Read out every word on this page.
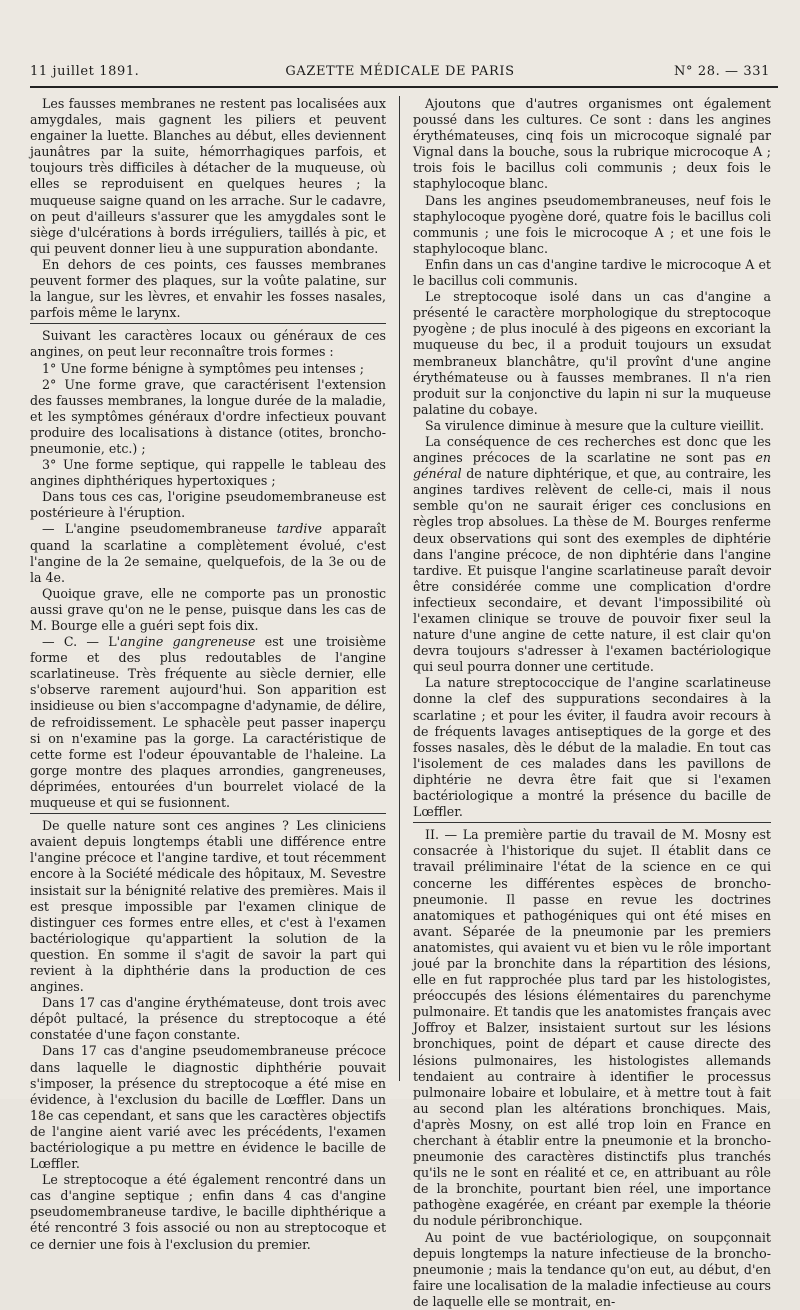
11 juillet 1891.	GAZETTE MÉDICALE DE PARIS	N° 28. — 331

Les fausses membranes ne restent pas localisées aux amygdales, mais gagnent les piliers et peuvent engainer la luette. Blanches au début, elles deviennent jaunâtres par la suite, hémorrhagiques parfois, et toujours très difficiles à détacher de la muqueuse, où elles se reproduisent en quelques heures ; la muqueuse saigne quand on les arrache. Sur le cadavre, on peut d'ailleurs s'assurer que les amygdales sont le siège d'ulcérations à bords irréguliers, taillés à pic, et qui peuvent donner lieu à une suppuration abondante.

En dehors de ces points, ces fausses membranes peuvent former des plaques, sur la voûte palatine, sur la langue, sur les lèvres, et envahir les fosses nasales, parfois même le larynx.

Suivant les caractères locaux ou généraux de ces angines, on peut leur reconnaître trois formes :

1° Une forme bénigne à symptômes peu intenses ;

2° Une forme grave, que caractérisent l'extension des fausses membranes, la longue durée de la maladie, et les symptômes généraux d'ordre infectieux pouvant produire des localisations à distance (otites, broncho-pneumonie, etc.) ;

3° Une forme septique, qui rappelle le tableau des angines diphthériques hypertoxiques ;

Dans tous ces cas, l'origine pseudomembraneuse est postérieure à l'éruption.

— L'angine pseudomembraneuse tardive apparaît quand la scarlatine a complètement évolué, c'est l'angine de la 2e semaine, quelquefois, de la 3e ou de la 4e.

Quoique grave, elle ne comporte pas un pronostic aussi grave qu'on ne le pense, puisque dans les cas de M. Bourge elle a guéri sept fois dix.

— C. — L'angine gangreneuse est une troisième forme et des plus redoutables de l'angine scarlatineuse. Très fréquente au siècle dernier, elle s'observe rarement aujourd'hui. Son apparition est insidieuse ou bien s'accompagne d'adynamie, de délire, de refroidissement. Le sphacèle peut passer inaperçu si on n'examine pas la gorge. La caractéristique de cette forme est l'odeur épouvantable de l'haleine. La gorge montre des plaques arrondies, gangreneuses, déprimées, entourées d'un bourrelet violacé de la muqueuse et qui se fusionnent.

De quelle nature sont ces angines ? Les cliniciens avaient depuis longtemps établi une différence entre l'angine précoce et l'angine tardive, et tout récemment encore à la Société médicale des hôpitaux, M. Sevestre insistait sur la bénignité relative des premières. Mais il est presque impossible par l'examen clinique de distinguer ces formes entre elles, et c'est à l'examen bactériologique qu'appartient la solution de la question. En somme il s'agit de savoir la part qui revient à la diphthérie dans la production de ces angines.

Dans 17 cas d'angine érythémateuse, dont trois avec dépôt pultacé, la présence du streptocoque a été constatée d'une façon constante.

Dans 17 cas d'angine pseudomembraneuse précoce dans laquelle le diagnostic diphthérie pouvait s'imposer, la présence du streptocoque a été mise en évidence, à l'exclusion du bacille de Lœffler. Dans un 18e cas cependant, et sans que les caractères objectifs de l'angine aient varié avec les précédents, l'examen bactériologique a pu mettre en évidence le bacille de Lœffler.

Le streptocoque a été également rencontré dans un cas d'angine septique ; enfin dans 4 cas d'angine pseudomembraneuse tardive, le bacille diphthérique a été rencontré 3 fois associé ou non au streptocoque et ce dernier une fois à l'exclusion du premier.

Ajoutons que d'autres organismes ont également poussé dans les cultures. Ce sont : dans les angines érythémateuses, cinq fois un microcoque signalé par Vignal dans la bouche, sous la rubrique microcoque A ; trois fois le bacillus coli communis ; deux fois le staphylocoque blanc.

Dans les angines pseudomembraneuses, neuf fois le staphylocoque pyogène doré, quatre fois le bacillus coli communis ; une fois le microcoque A ; et une fois le staphylocoque blanc.

Enfin dans un cas d'angine tardive le microcoque A et le bacillus coli communis.

Le streptocoque isolé dans un cas d'angine a présenté le caractère morphologique du streptocoque pyogène ; de plus inoculé à des pigeons en excoriant la muqueuse du bec, il a produit toujours un exsudat membraneux blanchâtre, qu'il provînt d'une angine érythémateuse ou à fausses membranes. Il n'a rien produit sur la conjonctive du lapin ni sur la muqueuse palatine du cobaye.

Sa virulence diminue à mesure que la culture vieillit.

La conséquence de ces recherches est donc que les angines précoces de la scarlatine ne sont pas en général de nature diphtérique, et que, au contraire, les angines tardives relèvent de celle-ci, mais il nous semble qu'on ne saurait ériger ces conclusions en règles trop absolues. La thèse de M. Bourges renferme deux observations qui sont des exemples de diphtérie dans l'angine précoce, de non diphtérie dans l'angine tardive. Et puisque l'angine scarlatineuse paraît devoir être considérée comme une complication d'ordre infectieux secondaire, et devant l'impossibilité où l'examen clinique se trouve de pouvoir fixer seul la nature d'une angine de cette nature, il est clair qu'on devra toujours s'adresser à l'examen bactériologique qui seul pourra donner une certitude.

La nature streptococcique de l'angine scarlatineuse donne la clef des suppurations secondaires à la scarlatine ; et pour les éviter, il faudra avoir recours à de fréquents lavages antiseptiques de la gorge et des fosses nasales, dès le début de la maladie. En tout cas l'isolement de ces malades dans les pavillons de diphtérie ne devra être fait que si l'examen bactériologique a montré la présence du bacille de Lœffler.

II. — La première partie du travail de M. Mosny est consacrée à l'historique du sujet. Il établit dans ce travail préliminaire l'état de la science en ce qui concerne les différentes espèces de broncho-pneumonie. Il passe en revue les doctrines anatomiques et pathogéniques qui ont été mises en avant. Séparée de la pneumonie par les premiers anatomistes, qui avaient vu et bien vu le rôle important joué par la bronchite dans la répartition des lésions, elle en fut rapprochée plus tard par les histologistes, préoccupés des lésions élémentaires du parenchyme pulmonaire. Et tandis que les anatomistes français avec Joffroy et Balzer, insistaient surtout sur les lésions bronchiques, point de départ et cause directe des lésions pulmonaires, les histologistes allemands tendaient au contraire à identifier le processus pulmonaire lobaire et lobulaire, et à mettre tout à fait au second plan les altérations bronchiques. Mais, d'après Mosny, on est allé trop loin en France en cherchant à établir entre la pneumonie et la broncho-pneumonie des caractères distinctifs plus tranchés qu'ils ne le sont en réalité et ce, en attribuant au rôle de la bronchite, pourtant bien réel, une importance pathogène exagérée, en créant par exemple la théorie du nodule péribronchique.

Au point de vue bactériologique, on soupçonnait depuis longtemps la nature infectieuse de la broncho-pneumonie ; mais la tendance qu'on eut, au début, d'en faire une localisation de la maladie infectieuse au cours de laquelle elle se montrait, en-
